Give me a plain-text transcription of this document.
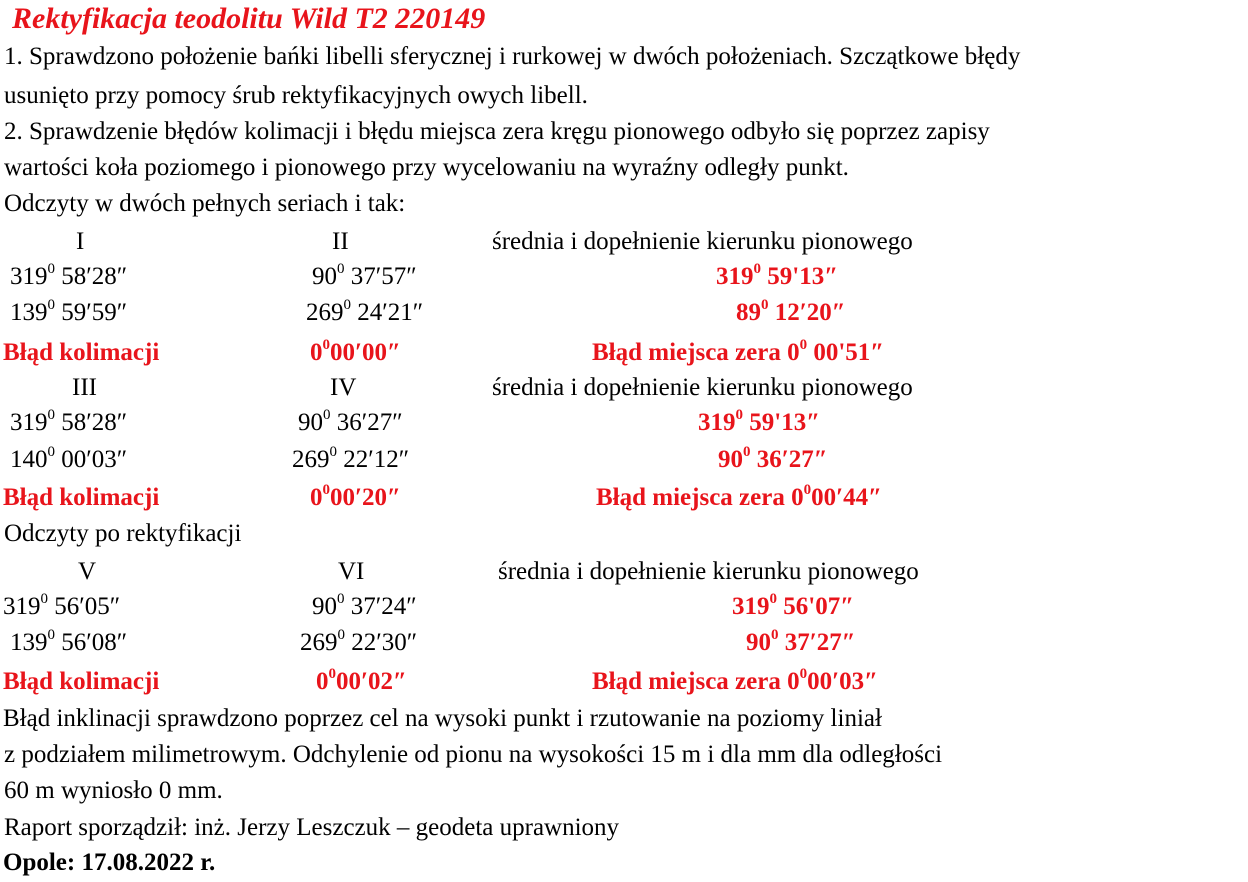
Rektyfikacja teodolitu Wild T2 220149
1. Sprawdzono położenie bańki libelli sferycznej i rurkowej w dwóch położeniach. Szczątkowe błędy
usunięto przy pomocy śrub rektyfikacyjnych owych libell.
2. Sprawdzenie błędów kolimacji i błędu miejsca zera kręgu pionowego odbyło się poprzez zapisy
wartości koła poziomego i pionowego przy wycelowaniu na wyraźny odległy punkt.
Odczyty w dwóch pełnych seriach i tak:
I	II	średnia i dopełnienie kierunku pionowego
$319^0$ 58ʹ28ʺ	$90^0$ 37ʹ57ʺ	$319^0$ 59'13ʺ
$139^0$ 59ʹ59ʺ	$269^0$ 24ʹ21ʺ	$89^0$ 12ʹ20ʺ
Błąd kolimacji	$0^000ʹ00ʺ$	Błąd miejsca zera $0^0$ 00'51ʺ
III	IV	średnia i dopełnienie kierunku pionowego
$319^0$ 58ʹ28ʺ	$90^0$ 36ʹ27ʺ	$319^0$ 59'13ʺ
$140^0$ 00ʹ03ʺ	$269^0$ 22ʹ12ʺ	$90^0$ 36ʹ27ʺ
Błąd kolimacji	$0^000ʹ20ʺ$	Błąd miejsca zera $0^000ʹ44ʺ$
Odczyty po rektyfikacji
V	VI	średnia i dopełnienie kierunku pionowego
$319^0$ 56ʹ05ʺ	$90^0$ 37ʹ24ʺ	$319^0$ 56'07ʺ
$139^0$ 56ʹ08ʺ	$269^0$ 22ʹ30ʺ	$90^0$ 37ʹ27ʺ
Błąd kolimacji	$0^000ʹ02ʺ$	Błąd miejsca zera $0^000ʹ03ʺ$
Błąd inklinacji sprawdzono poprzez cel na wysoki punkt i rzutowanie na poziomy liniał
z podziałem milimetrowym. Odchylenie od pionu na wysokości 15 m i dla mm dla odległości
60 m wyniosło 0 mm.
Raport sporządził: inż. Jerzy Leszczuk – geodeta uprawniony
Opole: 17.08.2022 r.
